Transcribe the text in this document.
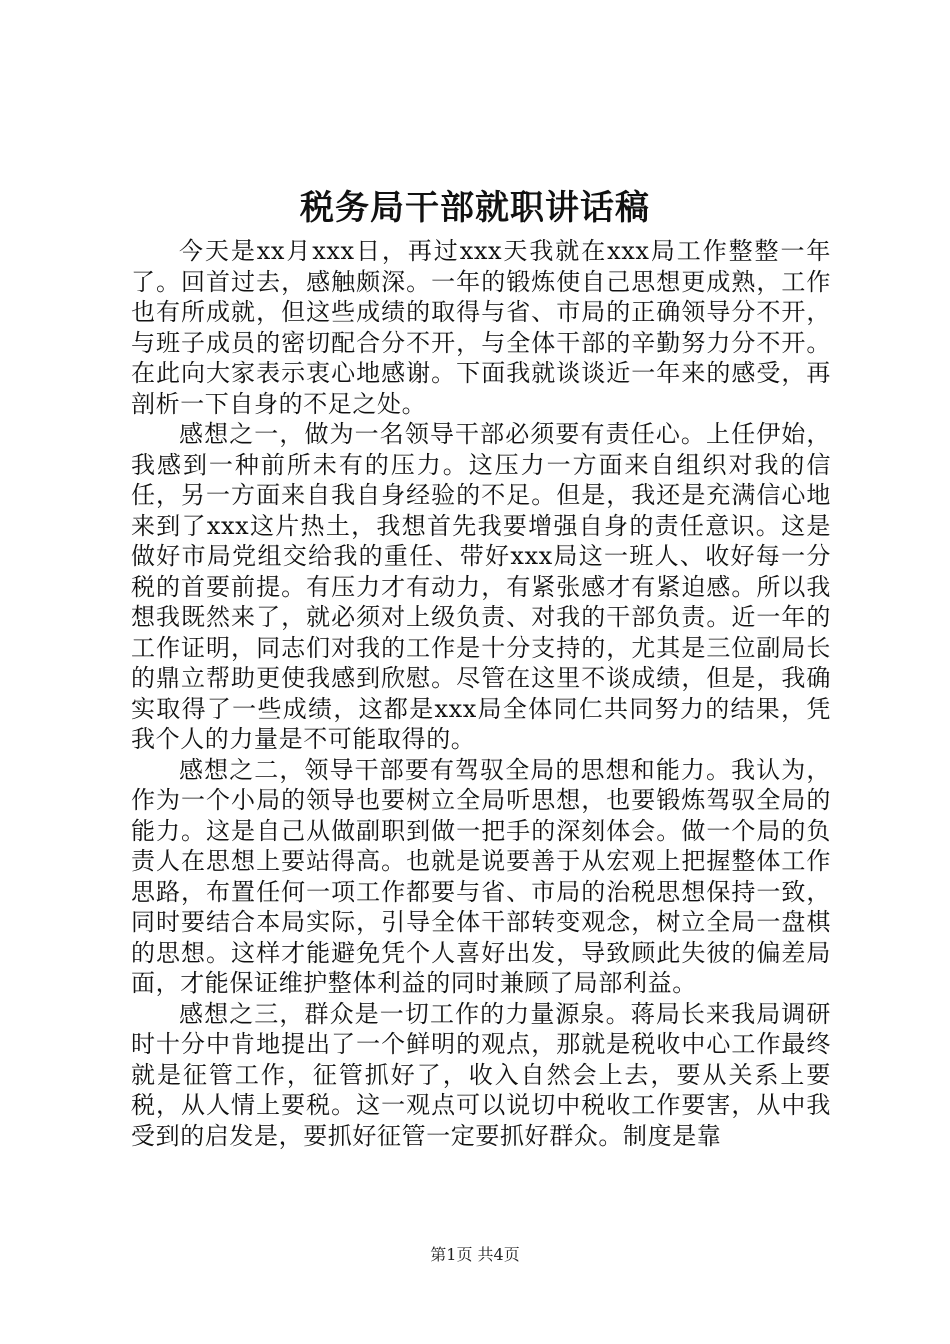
税务局干部就职讲话稿

今天是xx月xxx日，再过xxx天我就在xxx局工作整整一年了。回首过去，感触颇深。一年的锻炼使自己思想更成熟，工作也有所成就，但这些成绩的取得与省、市局的正确领导分不开，与班子成员的密切配合分不开，与全体干部的辛勤努力分不开。在此向大家表示衷心地感谢。下面我就谈谈近一年来的感受，再剖析一下自身的不足之处。

感想之一，做为一名领导干部必须要有责任心。上任伊始，我感到一种前所未有的压力。这压力一方面来自组织对我的信任，另一方面来自我自身经验的不足。但是，我还是充满信心地来到了xxx这片热土，我想首先我要增强自身的责任意识。这是做好市局党组交给我的重任、带好xxx局这一班人、收好每一分税的首要前提。有压力才有动力，有紧张感才有紧迫感。所以我想我既然来了，就必须对上级负责、对我的干部负责。近一年的工作证明，同志们对我的工作是十分支持的，尤其是三位副局长的鼎立帮助更使我感到欣慰。尽管在这里不谈成绩，但是，我确实取得了一些成绩，这都是xxx局全体同仁共同努力的结果，凭我个人的力量是不可能取得的。

感想之二，领导干部要有驾驭全局的思想和能力。我认为，作为一个小局的领导也要树立全局听思想，也要锻炼驾驭全局的能力。这是自己从做副职到做一把手的深刻体会。做一个局的负责人在思想上要站得高。也就是说要善于从宏观上把握整体工作思路，布置任何一项工作都要与省、市局的治税思想保持一致，同时要结合本局实际，引导全体干部转变观念，树立全局一盘棋的思想。这样才能避免凭个人喜好出发，导致顾此失彼的偏差局面，才能保证维护整体利益的同时兼顾了局部利益。

感想之三，群众是一切工作的力量源泉。蒋局长来我局调研时十分中肯地提出了一个鲜明的观点，那就是税收中心工作最终就是征管工作，征管抓好了，收入自然会上去，要从关系上要税，从人情上要税。这一观点可以说切中税收工作要害，从中我受到的启发是，要抓好征管一定要抓好群众。制度是靠

第1页 共4页
